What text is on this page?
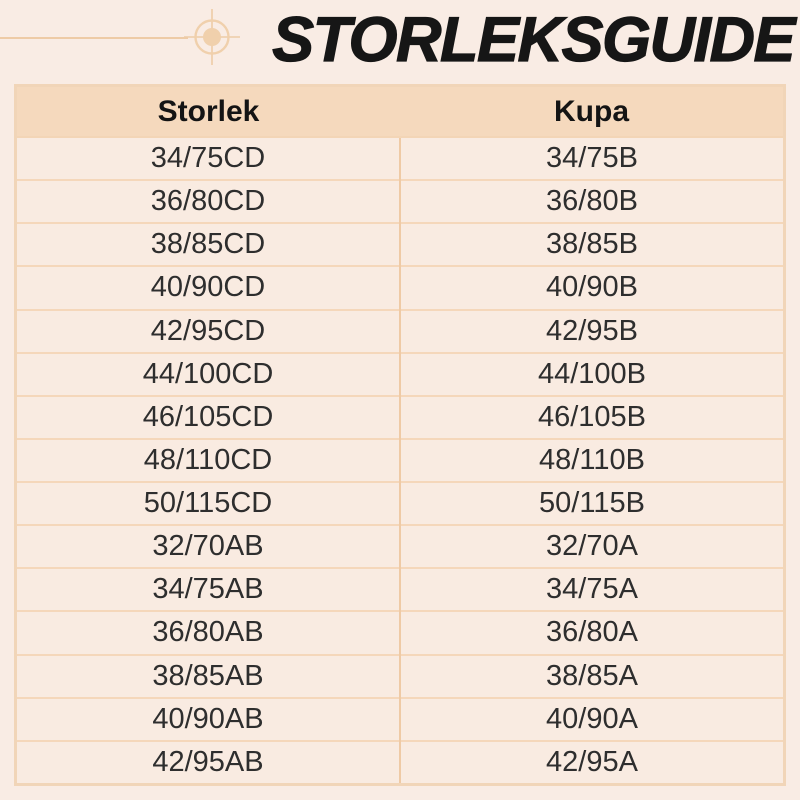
STORLEKSGUIDE
Storlek	Kupa
34/75CD	34/75B
36/80CD	36/80B
38/85CD	38/85B
40/90CD	40/90B
42/95CD	42/95B
44/100CD	44/100B
46/105CD	46/105B
48/110CD	48/110B
50/115CD	50/115B
32/70AB	32/70A
34/75AB	34/75A
36/80AB	36/80A
38/85AB	38/85A
40/90AB	40/90A
42/95AB	42/95A
